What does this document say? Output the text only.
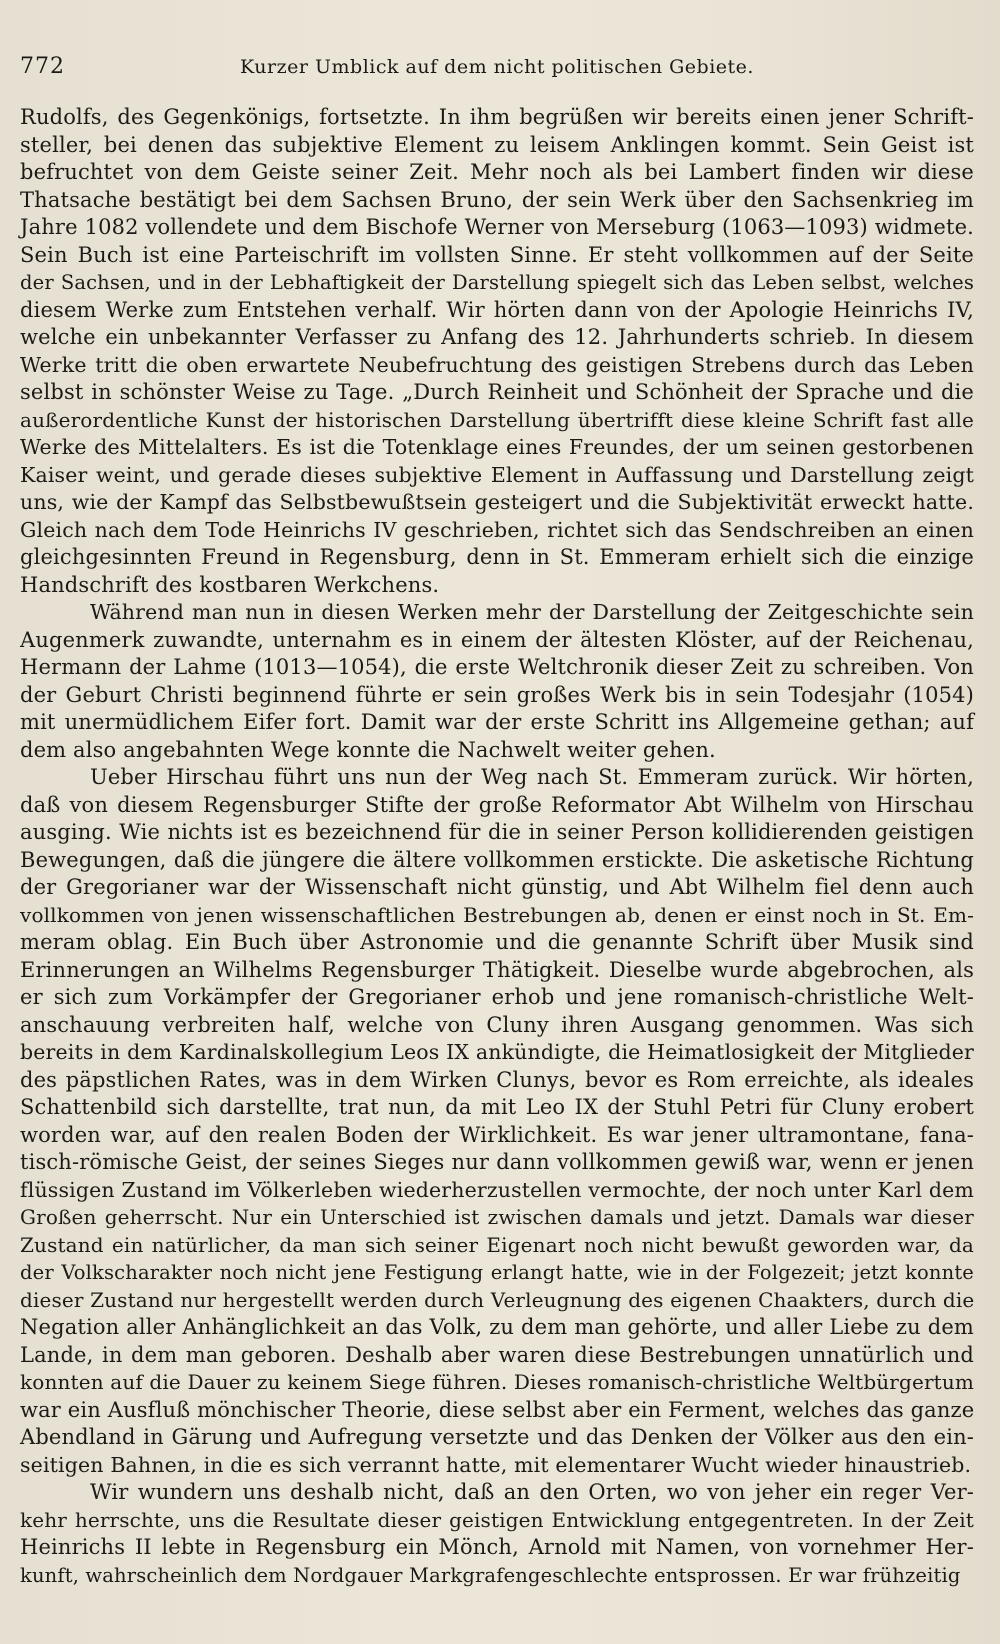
772	Kurzer Umblick auf dem nicht politischen Gebiete.
Rudolfs, des Gegenkönigs, fortsetzte. In ihm begrüßen wir bereits einen jener Schrift-
steller, bei denen das subjektive Element zu leisem Anklingen kommt. Sein Geist ist
befruchtet von dem Geiste seiner Zeit. Mehr noch als bei Lambert finden wir diese
Thatsache bestätigt bei dem Sachsen Bruno, der sein Werk über den Sachsenkrieg im
Jahre 1082 vollendete und dem Bischofe Werner von Merseburg (1063—1093) widmete.
Sein Buch ist eine Parteischrift im vollsten Sinne. Er steht vollkommen auf der Seite
der Sachsen, und in der Lebhaftigkeit der Darstellung spiegelt sich das Leben selbst, welches
diesem Werke zum Entstehen verhalf. Wir hörten dann von der Apologie Heinrichs IV,
welche ein unbekannter Verfasser zu Anfang des 12. Jahrhunderts schrieb. In diesem
Werke tritt die oben erwartete Neubefruchtung des geistigen Strebens durch das Leben
selbst in schönster Weise zu Tage. „Durch Reinheit und Schönheit der Sprache und die
außerordentliche Kunst der historischen Darstellung übertrifft diese kleine Schrift fast alle
Werke des Mittelalters. Es ist die Totenklage eines Freundes, der um seinen gestorbenen
Kaiser weint, und gerade dieses subjektive Element in Auffassung und Darstellung zeigt
uns, wie der Kampf das Selbstbewußtsein gesteigert und die Subjektivität erweckt hatte.
Gleich nach dem Tode Heinrichs IV geschrieben, richtet sich das Sendschreiben an einen
gleichgesinnten Freund in Regensburg, denn in St. Emmeram erhielt sich die einzige
Handschrift des kostbaren Werkchens.
Während man nun in diesen Werken mehr der Darstellung der Zeitgeschichte sein
Augenmerk zuwandte, unternahm es in einem der ältesten Klöster, auf der Reichenau,
Hermann der Lahme (1013—1054), die erste Weltchronik dieser Zeit zu schreiben. Von
der Geburt Christi beginnend führte er sein großes Werk bis in sein Todesjahr (1054)
mit unermüdlichem Eifer fort. Damit war der erste Schritt ins Allgemeine gethan; auf
dem also angebahnten Wege konnte die Nachwelt weiter gehen.
Ueber Hirschau führt uns nun der Weg nach St. Emmeram zurück. Wir hörten,
daß von diesem Regensburger Stifte der große Reformator Abt Wilhelm von Hirschau
ausging. Wie nichts ist es bezeichnend für die in seiner Person kollidierenden geistigen
Bewegungen, daß die jüngere die ältere vollkommen erstickte. Die asketische Richtung
der Gregorianer war der Wissenschaft nicht günstig, und Abt Wilhelm fiel denn auch
vollkommen von jenen wissenschaftlichen Bestrebungen ab, denen er einst noch in St. Em-
meram oblag. Ein Buch über Astronomie und die genannte Schrift über Musik sind
Erinnerungen an Wilhelms Regensburger Thätigkeit. Dieselbe wurde abgebrochen, als
er sich zum Vorkämpfer der Gregorianer erhob und jene romanisch-christliche Welt-
anschauung verbreiten half, welche von Cluny ihren Ausgang genommen. Was sich
bereits in dem Kardinalskollegium Leos IX ankündigte, die Heimatlosigkeit der Mitglieder
des päpstlichen Rates, was in dem Wirken Clunys, bevor es Rom erreichte, als ideales
Schattenbild sich darstellte, trat nun, da mit Leo IX der Stuhl Petri für Cluny erobert
worden war, auf den realen Boden der Wirklichkeit. Es war jener ultramontane, fana-
tisch-römische Geist, der seines Sieges nur dann vollkommen gewiß war, wenn er jenen
flüssigen Zustand im Völkerleben wiederherzustellen vermochte, der noch unter Karl dem
Großen geherrscht. Nur ein Unterschied ist zwischen damals und jetzt. Damals war dieser
Zustand ein natürlicher, da man sich seiner Eigenart noch nicht bewußt geworden war, da
der Volkscharakter noch nicht jene Festigung erlangt hatte, wie in der Folgezeit; jetzt konnte
dieser Zustand nur hergestellt werden durch Verleugnung des eigenen Chaakters, durch die
Negation aller Anhänglichkeit an das Volk, zu dem man gehörte, und aller Liebe zu dem
Lande, in dem man geboren. Deshalb aber waren diese Bestrebungen unnatürlich und
konnten auf die Dauer zu keinem Siege führen. Dieses romanisch-christliche Weltbürgertum
war ein Ausfluß mönchischer Theorie, diese selbst aber ein Ferment, welches das ganze
Abendland in Gärung und Aufregung versetzte und das Denken der Völker aus den ein-
seitigen Bahnen, in die es sich verrannt hatte, mit elementarer Wucht wieder hinaustrieb.
Wir wundern uns deshalb nicht, daß an den Orten, wo von jeher ein reger Ver-
kehr herrschte, uns die Resultate dieser geistigen Entwicklung entgegentreten. In der Zeit
Heinrichs II lebte in Regensburg ein Mönch, Arnold mit Namen, von vornehmer Her-
kunft, wahrscheinlich dem Nordgauer Markgrafengeschlechte entsprossen. Er war frühzeitig
